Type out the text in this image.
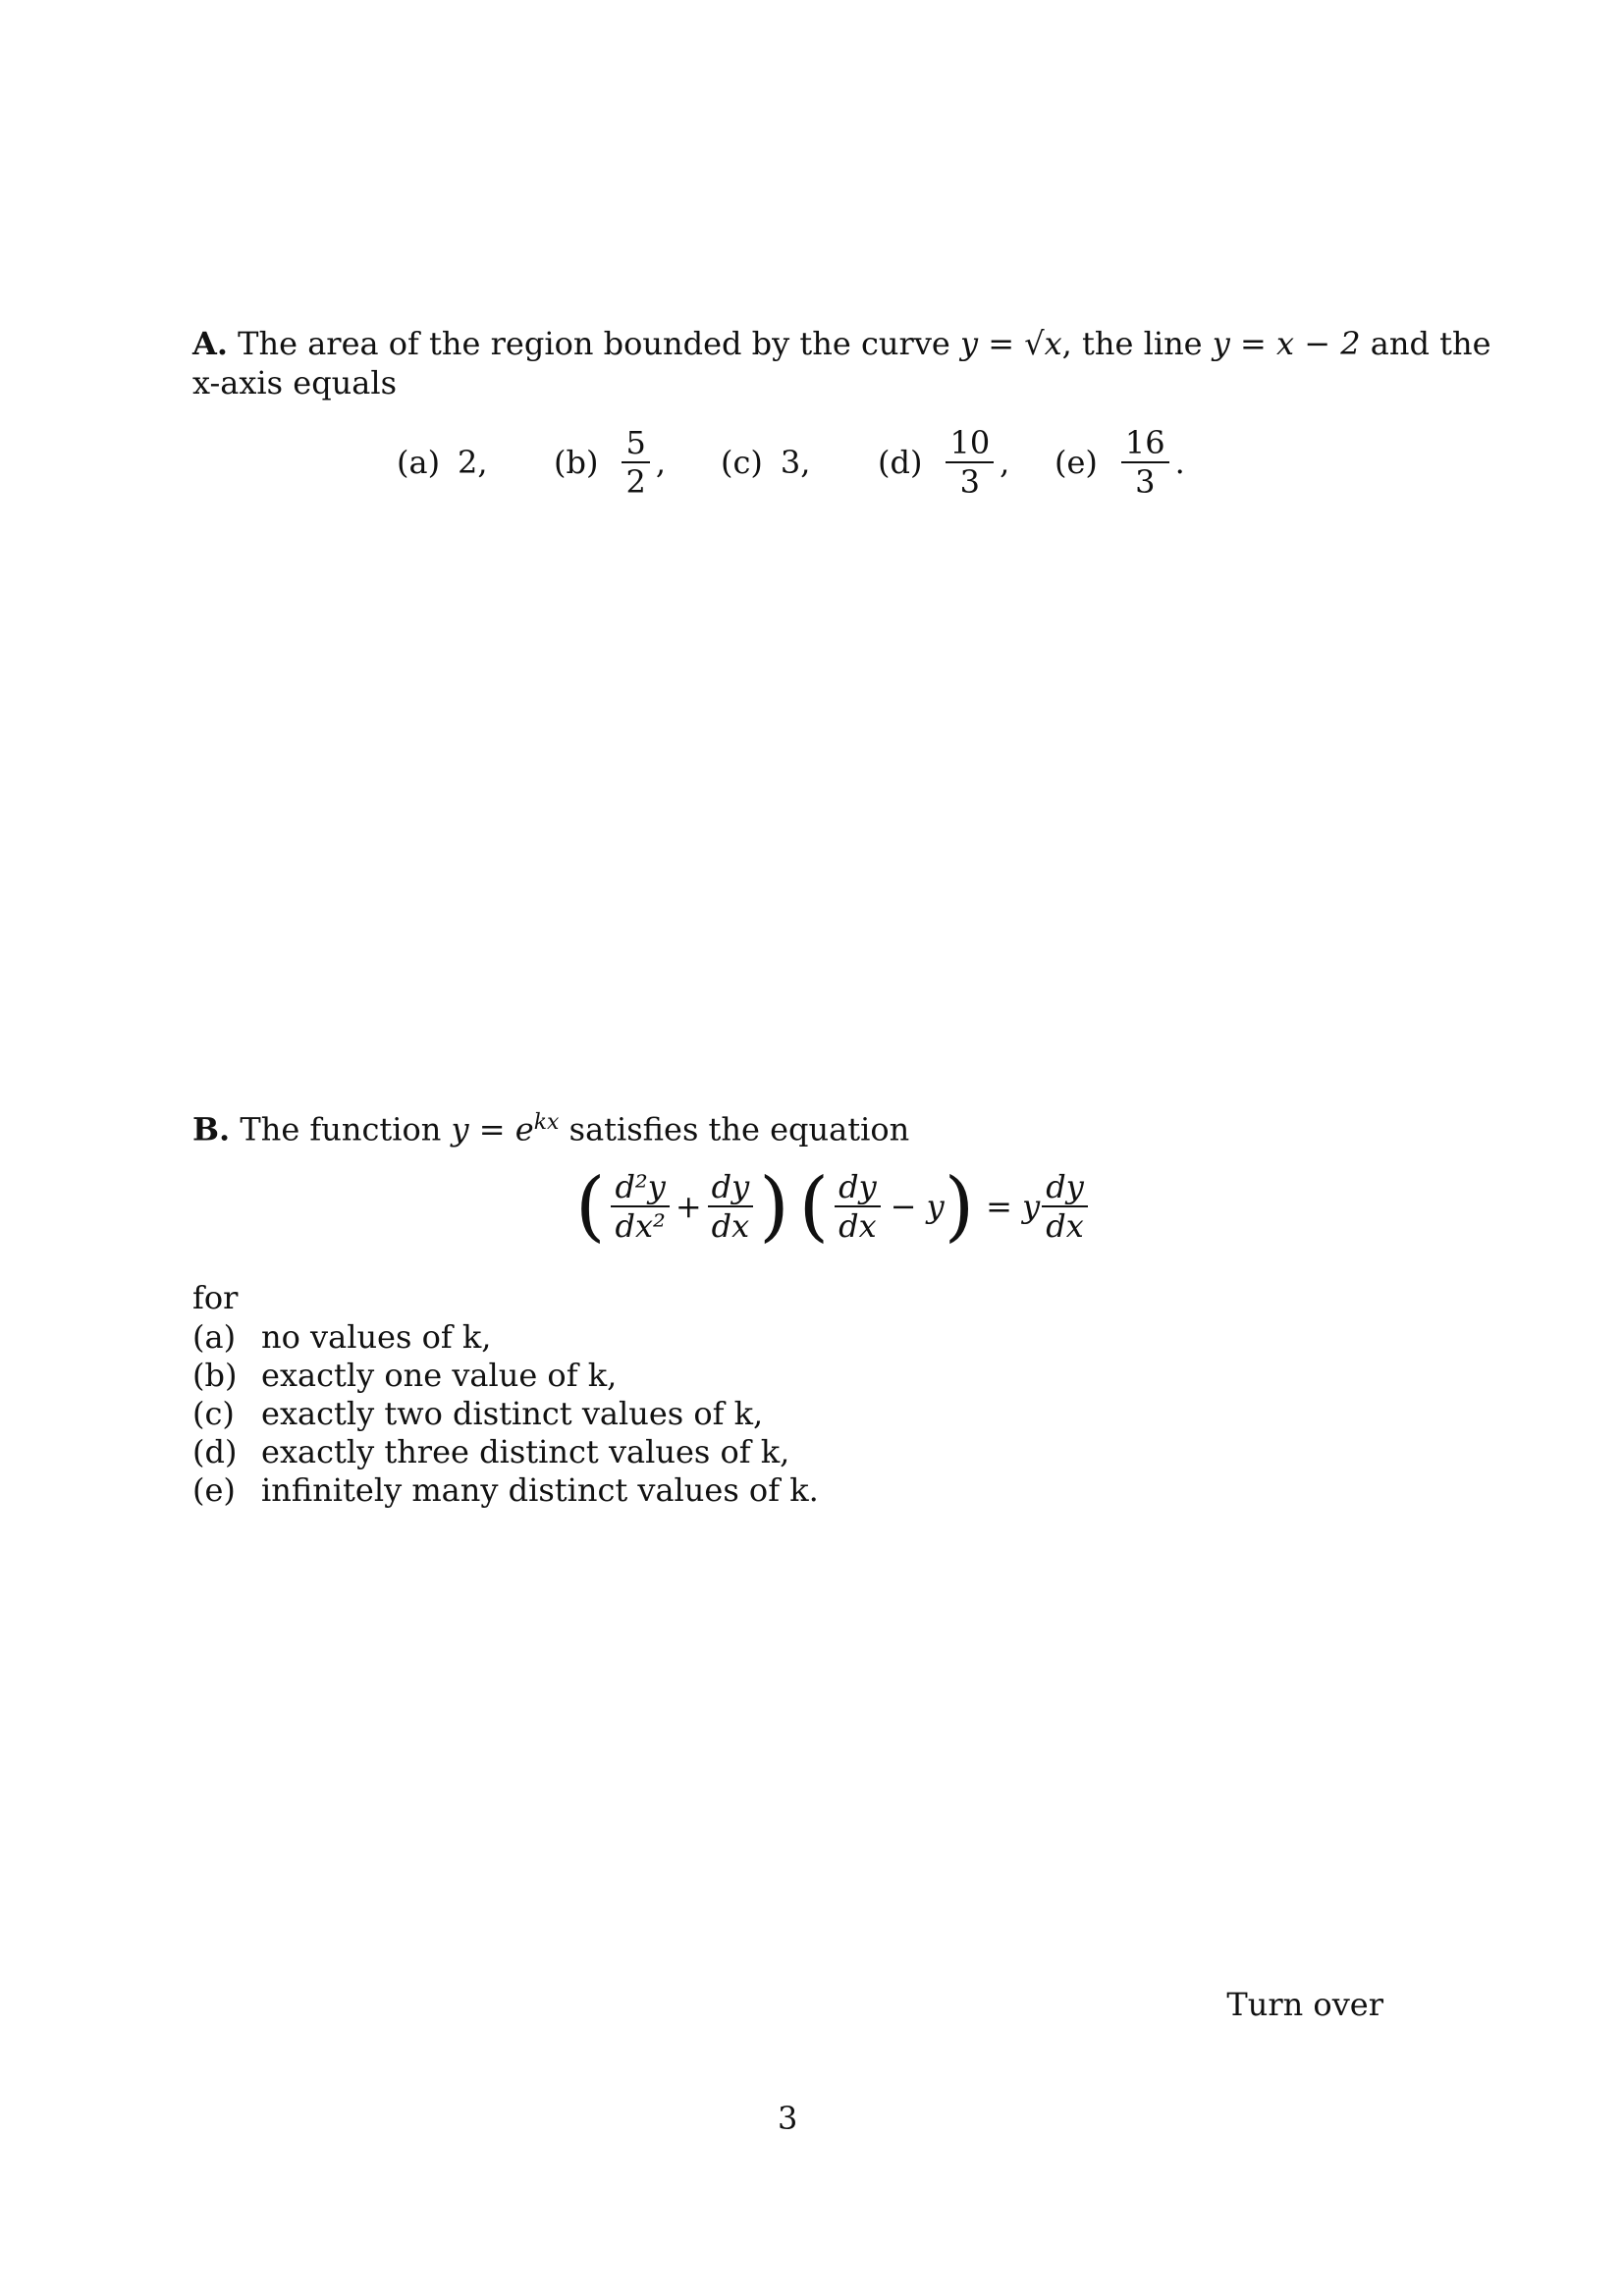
A. The area of the region bounded by the curve y = √x, the line y = x − 2 and the
x-axis equals
(a) 2, $(b) \frac{5}{2}$ , (c) 3, $(d) \frac{10}{3}$ , $(e) \frac{16}{3}$ .
B. The function $y = e^{kx}$ satisfies the equation
( $\frac{\text{d²y}}{\text{dx²}} + \frac{dy}{dx}$ ) ( $\frac{dy}{dx} - y$ ) = y $\frac{dy}{dx}$
for
(a) no values of k,
(b) exactly one value of k,
(c) exactly two distinct values of k,
(d) exactly three distinct values of k,
(e) infinitely many distinct values of k.
Turn over
3
